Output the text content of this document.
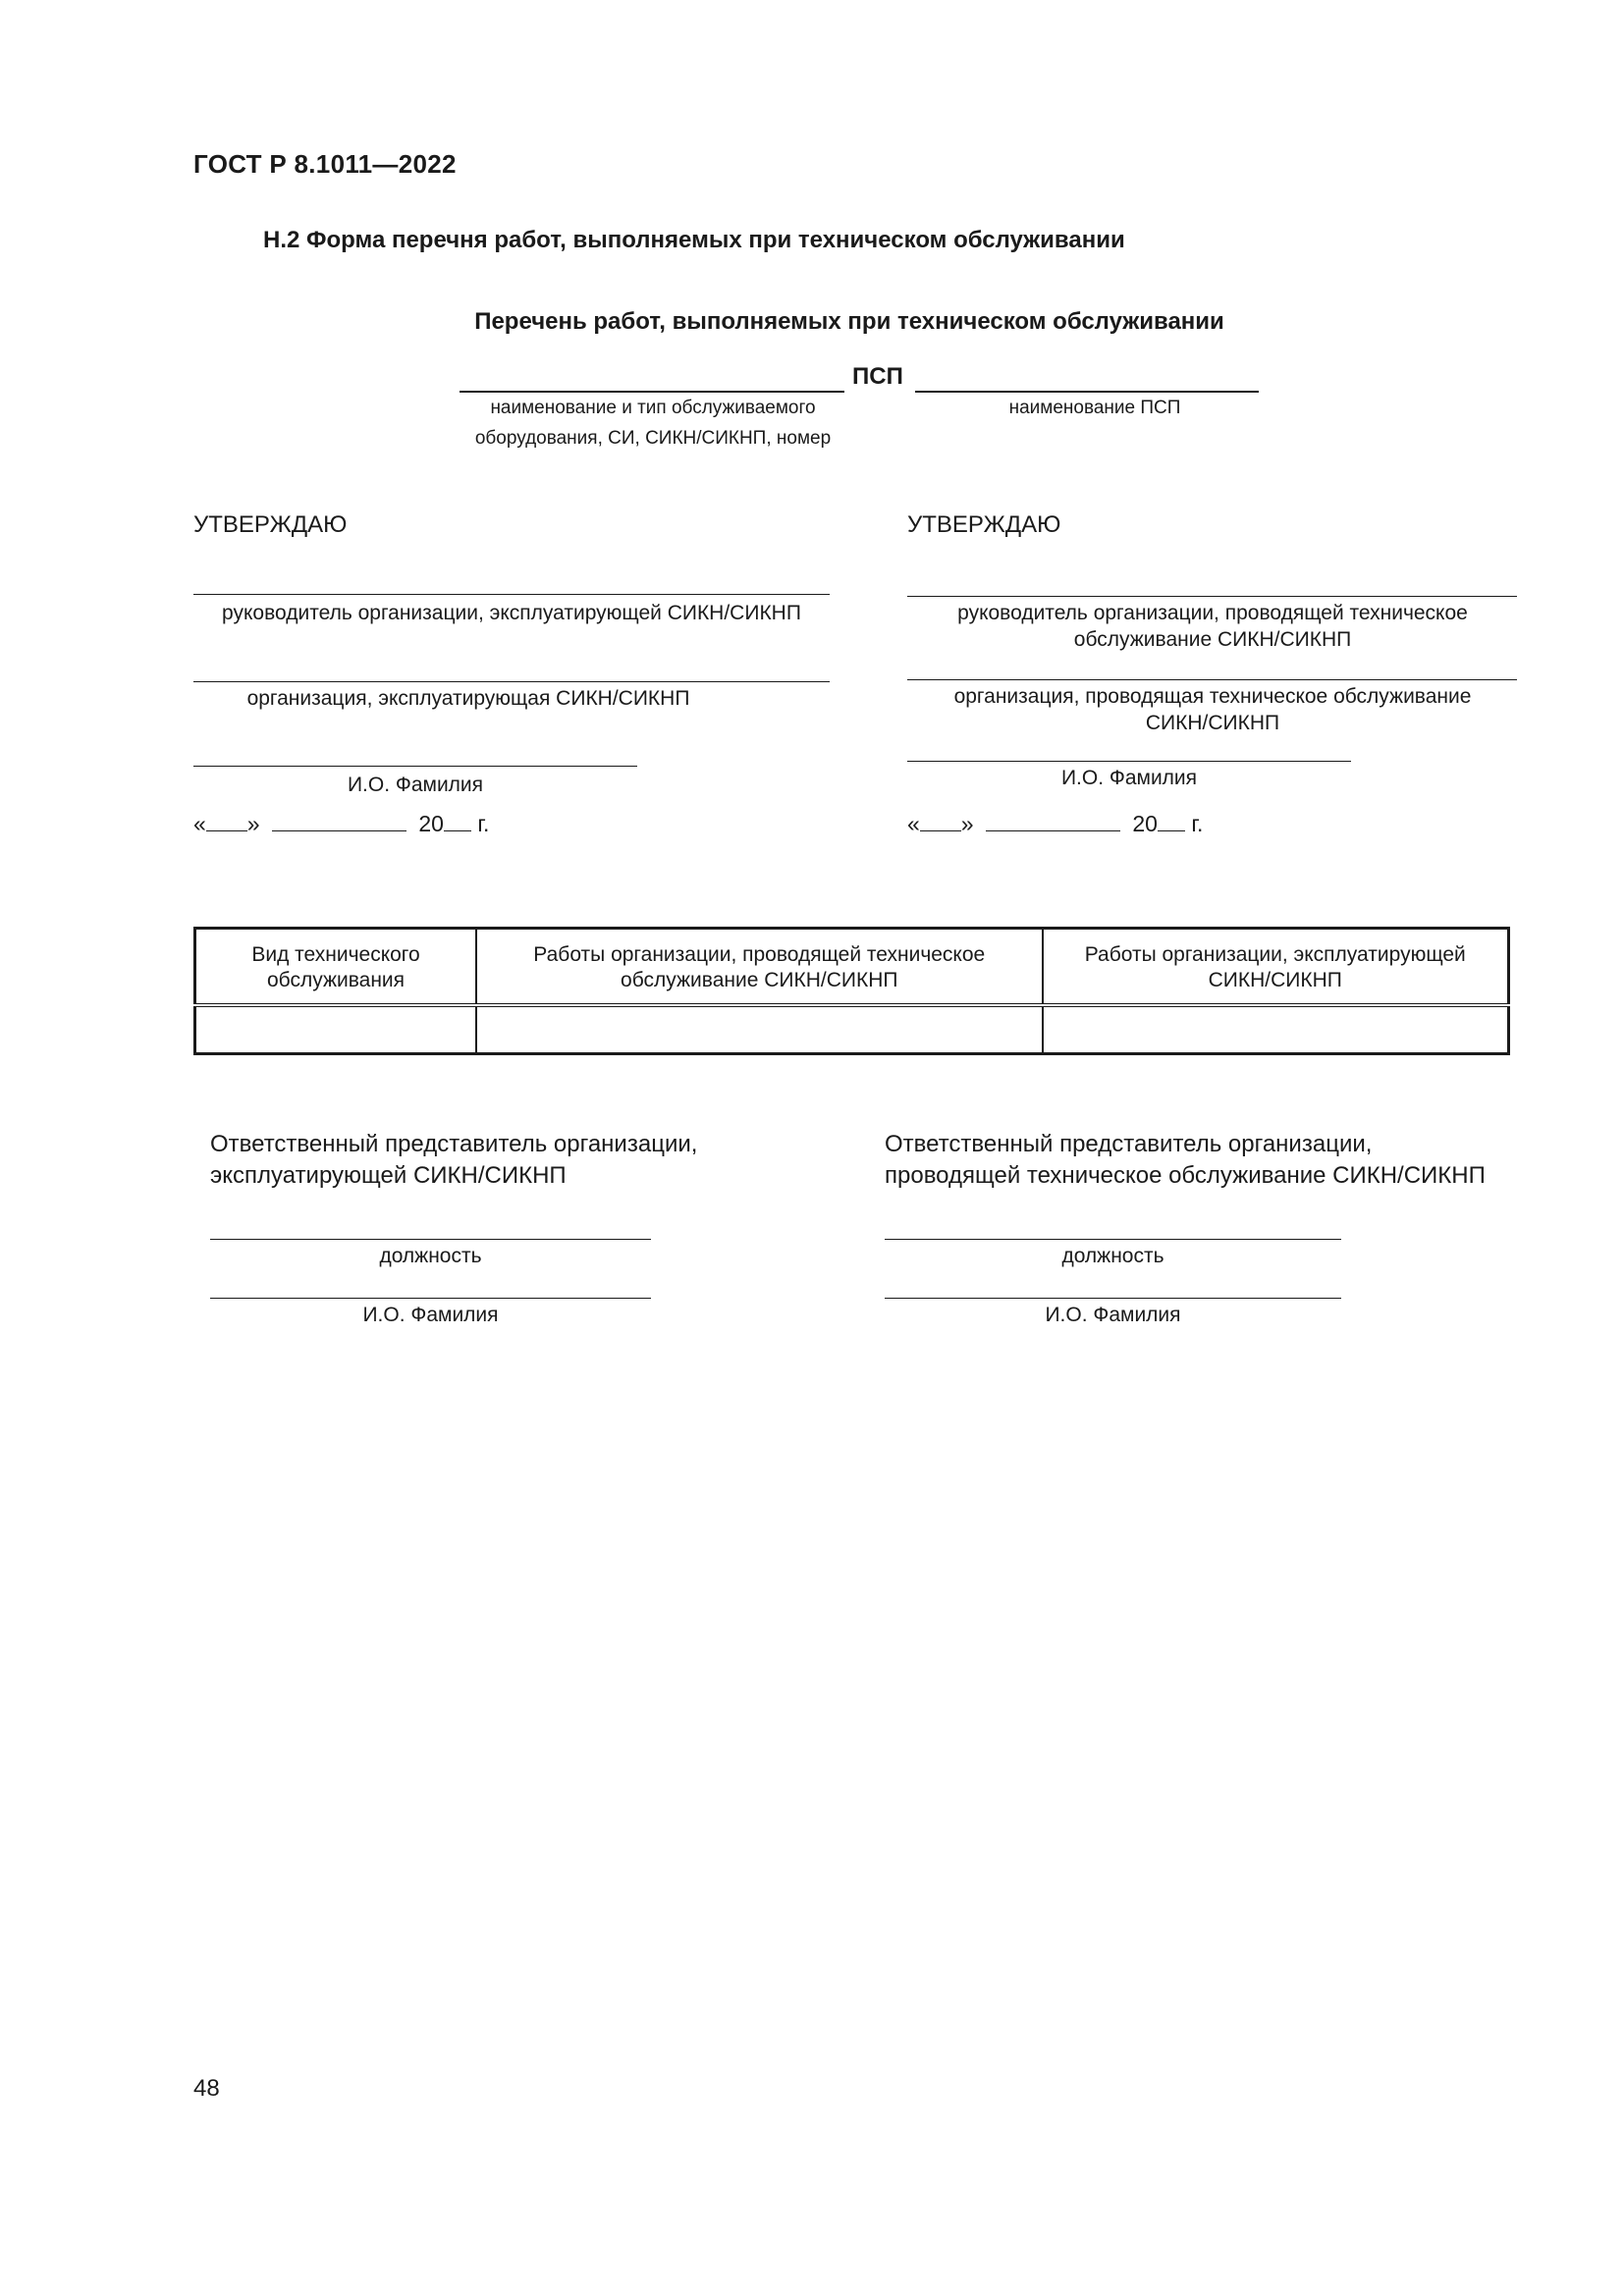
ГОСТ Р 8.1011—2022
Н.2 Форма перечня работ, выполняемых при техническом обслуживании
Перечень работ, выполняемых при техническом обслуживании
ПСП
наименование и тип обслуживаемого
оборудования, СИ, СИКН/СИКНП, номер
наименование ПСП
УТВЕРЖДАЮ
руководитель организации, эксплуатирующей СИКН/СИКНП
организация, эксплуатирующая СИКН/СИКНП
И.О. Фамилия
« »	20 г.
УТВЕРЖДАЮ
руководитель организации, проводящей техническое обслуживание СИКН/СИКНП
организация, проводящая техническое обслуживание СИКН/СИКНП
И.О. Фамилия
« »	20 г.
Вид технического обслуживания	Работы организации, проводящей техническое обслуживание СИКН/СИКНП	Работы организации, эксплуатирующей СИКН/СИКНП

Ответственный представитель организации,
эксплуатирующей СИКН/СИКНП
должность
И.О. Фамилия
Ответственный представитель организации,
проводящей техническое обслуживание СИКН/СИКНП
должность
И.О. Фамилия
48
